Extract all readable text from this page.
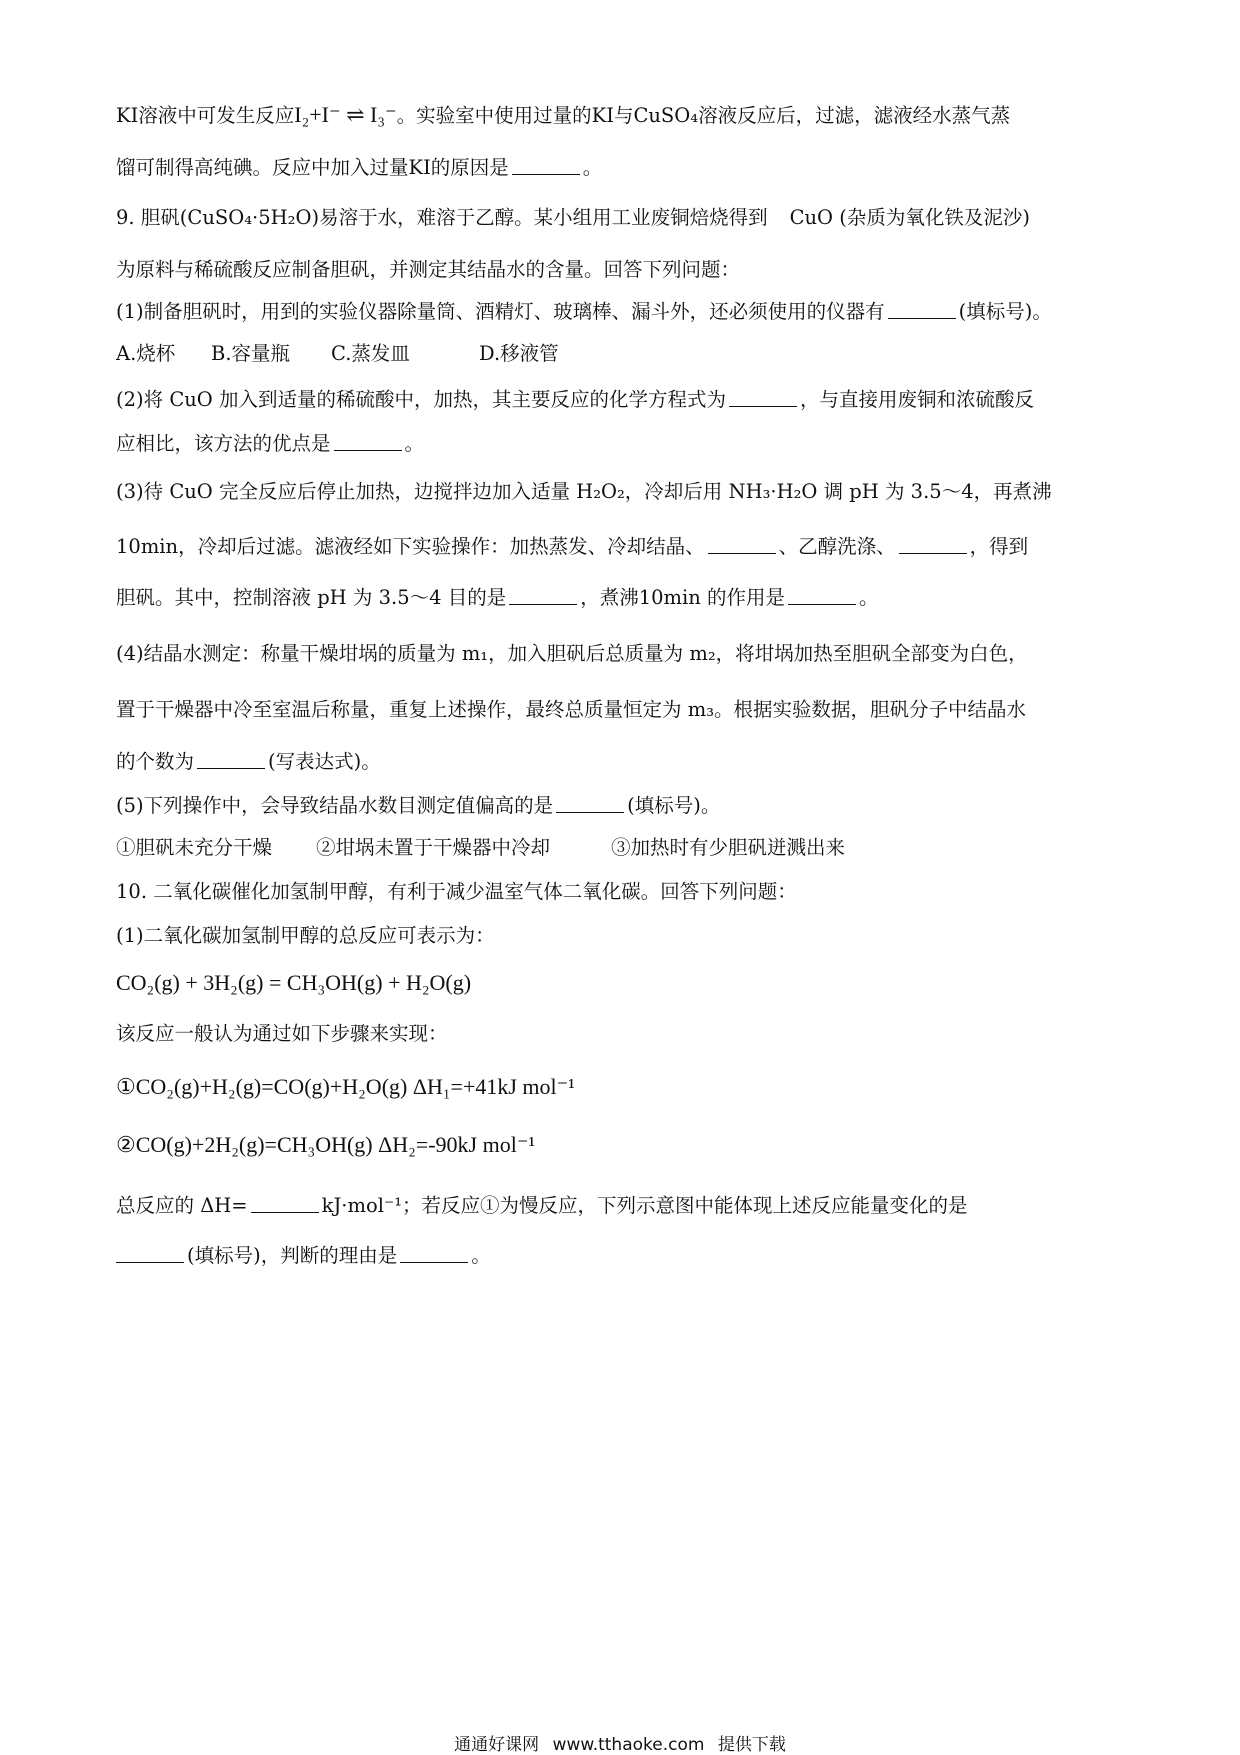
KI溶液中可发生反应I₂+I⁻ ⇌ I₃⁻。实验室中使用过量的KI与CuSO₄溶液反应后，过滤，滤液经水蒸气蒸
馏可制得高纯碘。反应中加入过量KI的原因是	。
9. 胆矾(CuSO₄·5H₂O)易溶于水，难溶于乙醇。某小组用工业废铜焙烧得到 CuO (杂质为氧化铁及泥沙)
为原料与稀硫酸反应制备胆矾，并测定其结晶水的含量。回答下列问题：
(1)制备胆矾时，用到的实验仪器除量筒、酒精灯、玻璃棒、漏斗外，还必须使用的仪器有	(填标号)。
A.烧杯 B.容量瓶 C.蒸发皿	D.移液管
(2)将 CuO 加入到适量的稀硫酸中，加热，其主要反应的化学方程式为	，与直接用废铜和浓硫酸反
应相比，该方法的优点是	。
(3)待 CuO 完全反应后停止加热，边搅拌边加入适量 H₂O₂，冷却后用 NH₃·H₂O 调 pH 为 3.5～4，再煮沸
10min，冷却后过滤。滤液经如下实验操作：加热蒸发、冷却结晶、	、乙醇洗涤、	，得到
胆矾。其中，控制溶液 pH 为 3.5～4 目的是	，煮沸10min 的作用是	。
(4)结晶水测定：称量干燥坩埚的质量为 m₁，加入胆矾后总质量为 m₂，将坩埚加热至胆矾全部变为白色，
置于干燥器中冷至室温后称量，重复上述操作，最终总质量恒定为 m₃。根据实验数据，胆矾分子中结晶水
的个数为	(写表达式)。
(5)下列操作中，会导致结晶水数目测定值偏高的是	(填标号)。
①胆矾未充分干燥 ②坩埚未置于干燥器中冷却	③加热时有少胆矾迸溅出来
10. 二氧化碳催化加氢制甲醇，有利于减少温室气体二氧化碳。回答下列问题：
(1)二氧化碳加氢制甲醇的总反应可表示为：
CO₂(g) + 3H₂(g) = CH₃OH(g) + H₂O(g)
该反应一般认为通过如下步骤来实现：
①CO₂(g)+H₂(g)=CO(g)+H₂O(g) ΔH₁=+41kJ mol⁻¹
②CO(g)+2H₂(g)=CH₃OH(g) ΔH₂=-90kJ mol⁻¹
总反应的 ΔH=	kJ·mol⁻¹；若反应①为慢反应，下列示意图中能体现上述反应能量变化的是
(填标号)，判断的理由是	。
通通好课网 www.tthaoke.com 提供下载
